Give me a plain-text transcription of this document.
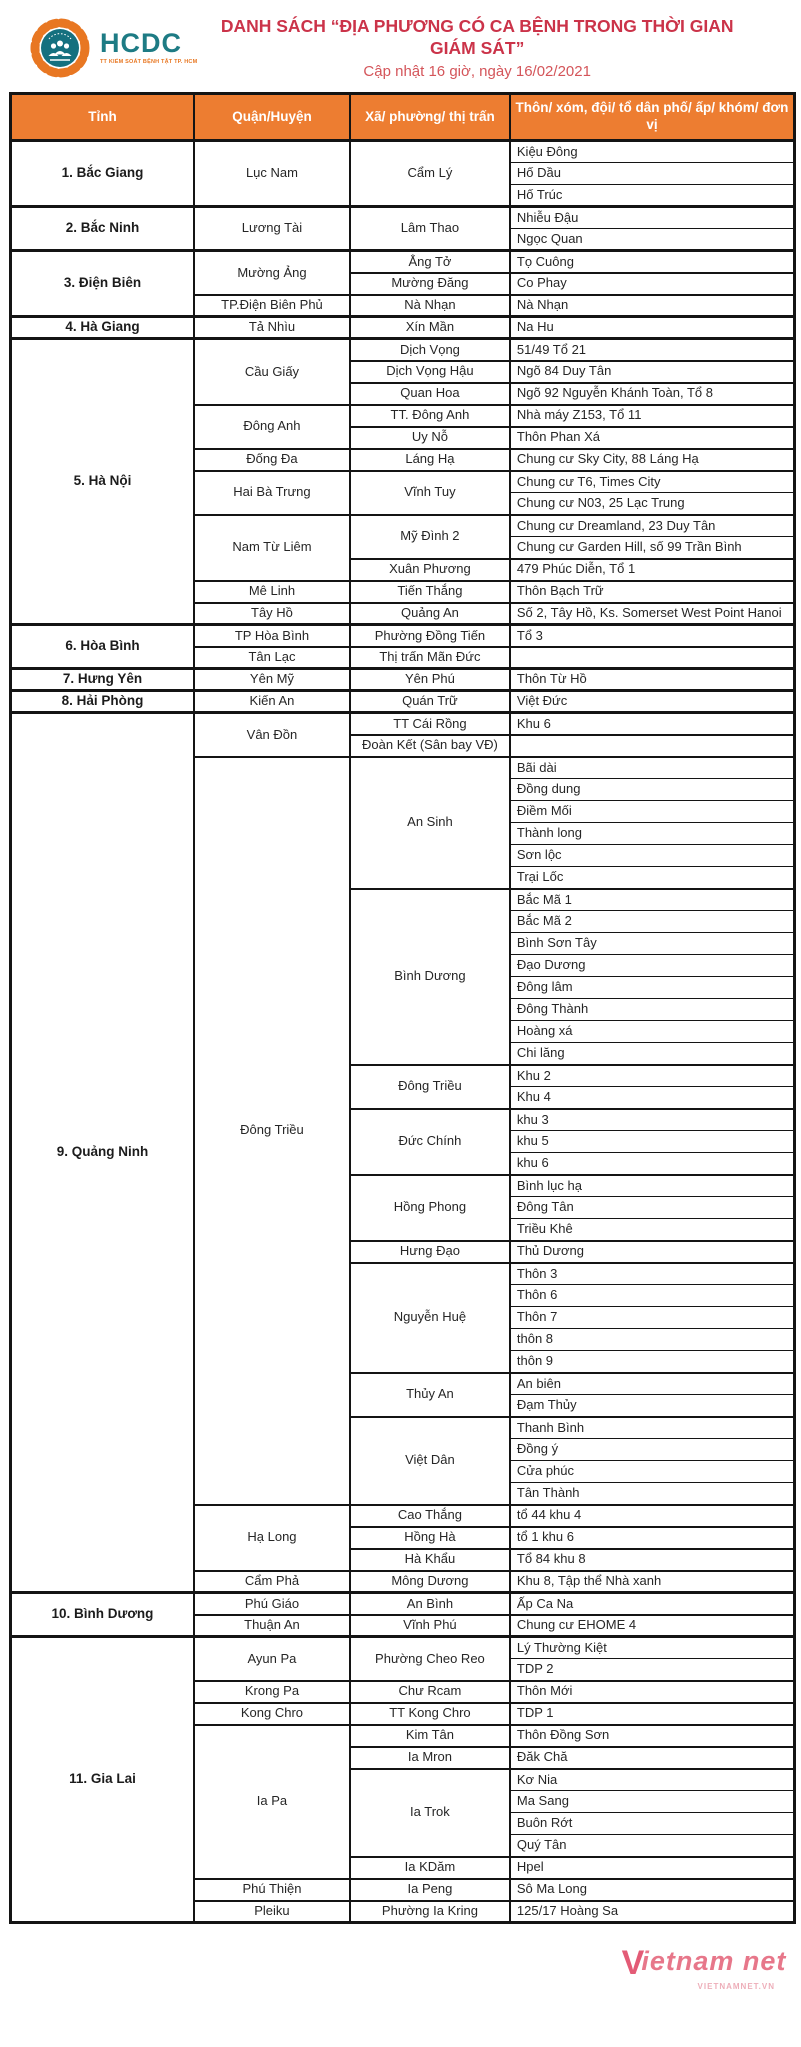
HCDC
TT KIỂM SOÁT BỆNH TẬT TP. HCM
DANH SÁCH “ĐỊA PHƯƠNG CÓ CA BỆNH TRONG THỜI GIAN GIÁM SÁT”
Cập nhật 16 giờ, ngày 16/02/2021
Tỉnh	Quận/Huyện	Xã/ phường/ thị trấn	Thôn/ xóm, đội/ tổ dân phố/ ấp/ khóm/ đơn vị
1. Bắc Giang	Lục Nam	Cẩm Lý	Kiệu Đông
			Hố Dầu
			Hố Trúc
2. Bắc Ninh	Lương Tài	Lâm Thao	Nhiễu Đậu
			Ngọc Quan
3. Điện Biên	Mường Ảng	Ẳng Tở	Tọ Cuông
		Mường Đăng	Co Phay
	TP.Điện Biên Phủ	Nà Nhạn	Nà Nhạn
4. Hà Giang	Tả Nhìu	Xín Mần	Na Hu
5. Hà Nội	Cầu Giấy	Dịch Vọng	51/49 Tổ 21
		Dịch Vọng Hậu	Ngõ 84 Duy Tân
		Quan Hoa	Ngõ 92 Nguyễn Khánh Toàn, Tổ 8
	Đông Anh	TT. Đông Anh	Nhà máy Z153, Tổ 11
		Uy Nỗ	Thôn Phan Xá
	Đống Đa	Láng Hạ	Chung cư Sky City, 88 Láng Hạ
	Hai Bà Trưng	Vĩnh Tuy	Chung cư T6, Times City
			Chung cư N03, 25 Lạc Trung
	Nam Từ Liêm	Mỹ Đình 2	Chung cư Dreamland, 23 Duy Tân
			Chung cư Garden Hill, số 99 Trần Bình
		Xuân Phương	479 Phúc Diễn, Tổ 1
	Mê Linh	Tiến Thắng	Thôn Bạch Trữ
	Tây Hồ	Quảng An	Số 2, Tây Hồ, Ks. Somerset West Point Hanoi
6. Hòa Bình	TP Hòa Bình	Phường Đồng Tiến	Tổ 3
	Tân Lạc	Thị trấn Mãn Đức	
7. Hưng Yên	Yên Mỹ	Yên Phú	Thôn Từ Hồ
8. Hải Phòng	Kiến An	Quán Trữ	Việt Đức
9. Quảng Ninh	Vân Đồn	TT Cái Rồng	Khu 6
		Đoàn Kết (Sân bay VĐ)	
	Đông Triều	An Sinh	Bãi dài
			Đồng dung
			Điềm Mối
			Thành long
			Sơn lộc
			Trại Lốc
		Bình Dương	Bắc Mã 1
			Bắc Mã 2
			Bình Sơn Tây
			Đạo Dương
			Đông lâm
			Đông Thành
			Hoàng xá
			Chi lăng
		Đông Triều	Khu 2
			Khu 4
		Đức Chính	khu 3
			khu 5
			khu 6
		Hồng Phong	Bình lục hạ
			Đông Tân
			Triều Khê
		Hưng Đạo	Thủ Dương
		Nguyễn Huệ	Thôn 3
			Thôn 6
			Thôn 7
			thôn 8
			thôn 9
		Thủy An	An biên
			Đạm Thủy
		Việt Dân	Thanh Bình
			Đồng ý
			Cửa phúc
			Tân Thành
	Hạ Long	Cao Thắng	tổ 44 khu 4
		Hồng Hà	tổ 1 khu 6
		Hà Khẩu	Tổ 84 khu 8
	Cẩm Phả	Mông Dương	Khu 8, Tập thể Nhà xanh
10. Bình Dương	Phú Giáo	An Bình	Ấp Ca Na
	Thuận An	Vĩnh Phú	Chung cư EHOME 4
11. Gia Lai	Ayun Pa	Phường Cheo Reo	Lý Thường Kiệt
			TDP 2
	Krong Pa	Chư Rcam	Thôn Mới
	Kong Chro	TT Kong Chro	TDP 1
	Ia Pa	Kim Tân	Thôn Đồng Sơn
		Ia Mron	Đăk Chă
		Ia Trok	Kơ Nia
			Ma Sang
			Buôn Rớt
			Quý Tân
		Ia KDăm	Hpel
	Phú Thiện	Ia Peng	Sô Ma Long
	Pleiku	Phường Ia Kring	125/17 Hoàng Sa
Vietnam net
VIETNAMNET.VN
